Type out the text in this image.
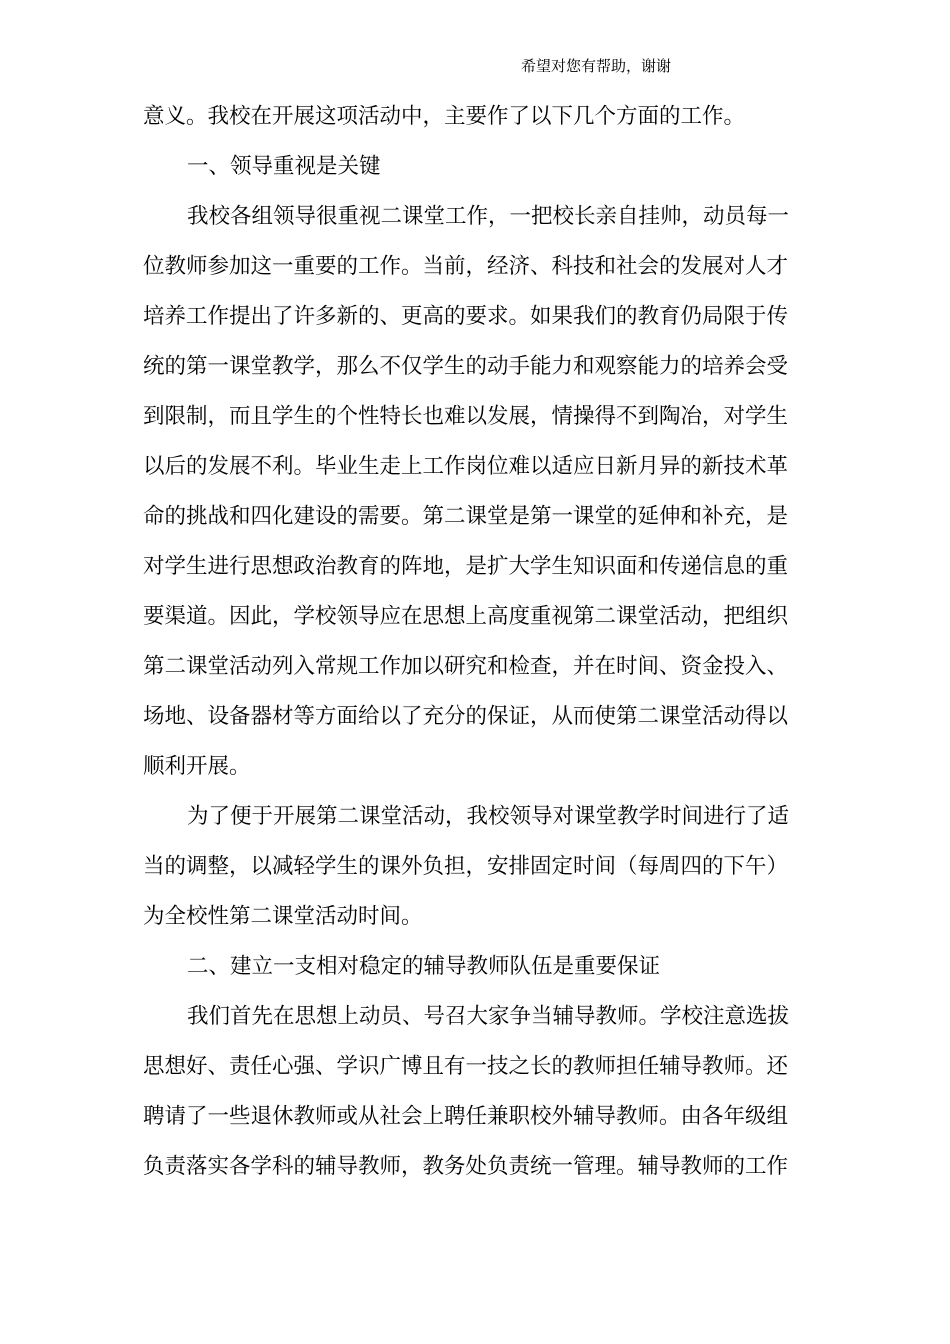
希望对您有帮助，谢谢
意义。我校在开展这项活动中，主要作了以下几个方面的工作。
一、领导重视是关键
我校各组领导很重视二课堂工作，一把校长亲自挂帅，动员每一
位教师参加这一重要的工作。当前，经济、科技和社会的发展对人才
培养工作提出了许多新的、更高的要求。如果我们的教育仍局限于传
统的第一课堂教学，那么不仅学生的动手能力和观察能力的培养会受
到限制，而且学生的个性特长也难以发展，情操得不到陶冶，对学生
以后的发展不利。毕业生走上工作岗位难以适应日新月异的新技术革
命的挑战和四化建设的需要。第二课堂是第一课堂的延伸和补充，是
对学生进行思想政治教育的阵地，是扩大学生知识面和传递信息的重
要渠道。因此，学校领导应在思想上高度重视第二课堂活动，把组织
第二课堂活动列入常规工作加以研究和检查，并在时间、资金投入、
场地、设备器材等方面给以了充分的保证，从而使第二课堂活动得以
顺利开展。
为了便于开展第二课堂活动，我校领导对课堂教学时间进行了适
当的调整，以减轻学生的课外负担，安排固定时间（每周四的下午）
为全校性第二课堂活动时间。
二、建立一支相对稳定的辅导教师队伍是重要保证
我们首先在思想上动员、号召大家争当辅导教师。学校注意选拔
思想好、责任心强、学识广博且有一技之长的教师担任辅导教师。还
聘请了一些退休教师或从社会上聘任兼职校外辅导教师。由各年级组
负责落实各学科的辅导教师，教务处负责统一管理。辅导教师的工作
